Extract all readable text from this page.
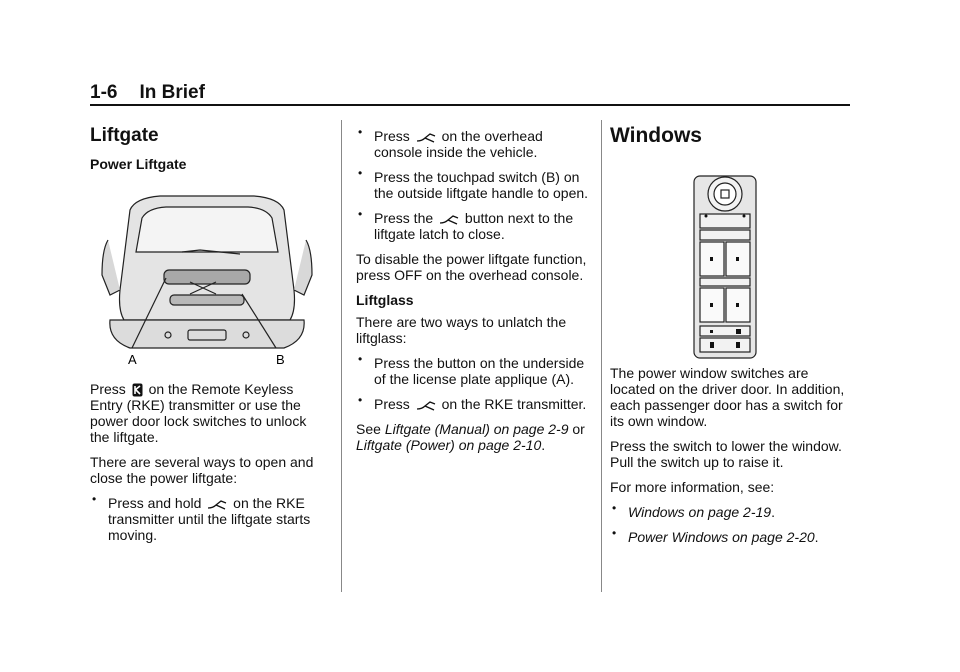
1-6 In Brief
Liftgate
Power Liftgate
A	B

Press  on the Remote Keyless Entry (RKE) transmitter or use the power door lock switches to unlock the liftgate.

There are several ways to open and close the power liftgate:

• Press and hold  on the RKE transmitter until the liftgate starts moving.
• Press  on the overhead console inside the vehicle.
• Press the touchpad switch (B) on the outside liftgate handle to open.
• Press the  button next to the liftgate latch to close.

To disable the power liftgate function, press OFF on the overhead console.

Liftglass

There are two ways to unlatch the liftglass:

• Press the button on the underside of the license plate applique (A).
• Press  on the RKE transmitter.

See Liftgate (Manual) on page 2-9 or Liftgate (Power) on page 2-10.

Windows

The power window switches are located on the driver door. In addition, each passenger door has a switch for its own window.

Press the switch to lower the window. Pull the switch up to raise it.

For more information, see:

• Windows on page 2-19.
• Power Windows on page 2-20.
